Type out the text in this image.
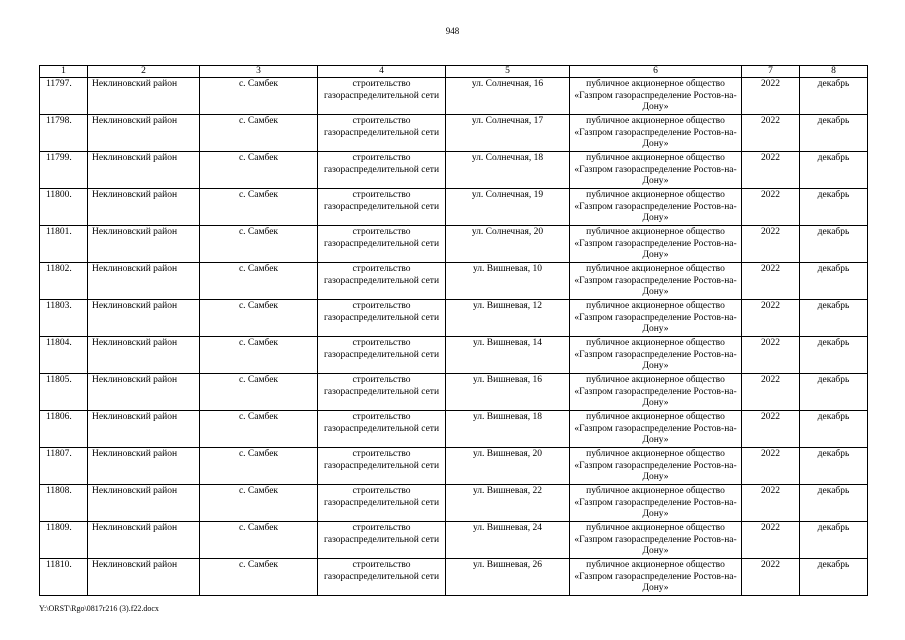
948
1	2	3	4	5	6	7	8
11797.	Неклиновский район	с. Самбек	строительство газораспределительной сети	ул. Солнечная, 16	публичное акционерное общество «Газпром газораспределение Ростов-на-Дону»	2022	декабрь
11798.	Неклиновский район	с. Самбек	строительство газораспределительной сети	ул. Солнечная, 17	публичное акционерное общество «Газпром газораспределение Ростов-на-Дону»	2022	декабрь
11799.	Неклиновский район	с. Самбек	строительство газораспределительной сети	ул. Солнечная, 18	публичное акционерное общество «Газпром газораспределение Ростов-на-Дону»	2022	декабрь
11800.	Неклиновский район	с. Самбек	строительство газораспределительной сети	ул. Солнечная, 19	публичное акционерное общество «Газпром газораспределение Ростов-на-Дону»	2022	декабрь
11801.	Неклиновский район	с. Самбек	строительство газораспределительной сети	ул. Солнечная, 20	публичное акционерное общество «Газпром газораспределение Ростов-на-Дону»	2022	декабрь
11802.	Неклиновский район	с. Самбек	строительство газораспределительной сети	ул. Вишневая, 10	публичное акционерное общество «Газпром газораспределение Ростов-на-Дону»	2022	декабрь
11803.	Неклиновский район	с. Самбек	строительство газораспределительной сети	ул. Вишневая, 12	публичное акционерное общество «Газпром газораспределение Ростов-на-Дону»	2022	декабрь
11804.	Неклиновский район	с. Самбек	строительство газораспределительной сети	ул. Вишневая, 14	публичное акционерное общество «Газпром газораспределение Ростов-на-Дону»	2022	декабрь
11805.	Неклиновский район	с. Самбек	строительство газораспределительной сети	ул. Вишневая, 16	публичное акционерное общество «Газпром газораспределение Ростов-на-Дону»	2022	декабрь
11806.	Неклиновский район	с. Самбек	строительство газораспределительной сети	ул. Вишневая, 18	публичное акционерное общество «Газпром газораспределение Ростов-на-Дону»	2022	декабрь
11807.	Неклиновский район	с. Самбек	строительство газораспределительной сети	ул. Вишневая, 20	публичное акционерное общество «Газпром газораспределение Ростов-на-Дону»	2022	декабрь
11808.	Неклиновский район	с. Самбек	строительство газораспределительной сети	ул. Вишневая, 22	публичное акционерное общество «Газпром газораспределение Ростов-на-Дону»	2022	декабрь
11809.	Неклиновский район	с. Самбек	строительство газораспределительной сети	ул. Вишневая, 24	публичное акционерное общество «Газпром газораспределение Ростов-на-Дону»	2022	декабрь
11810.	Неклиновский район	с. Самбек	строительство газораспределительной сети	ул. Вишневая, 26	публичное акционерное общество «Газпром газораспределение Ростов-на-Дону»	2022	декабрь
Y:\ORST\Rgo\0817r216 (3).f22.docx
